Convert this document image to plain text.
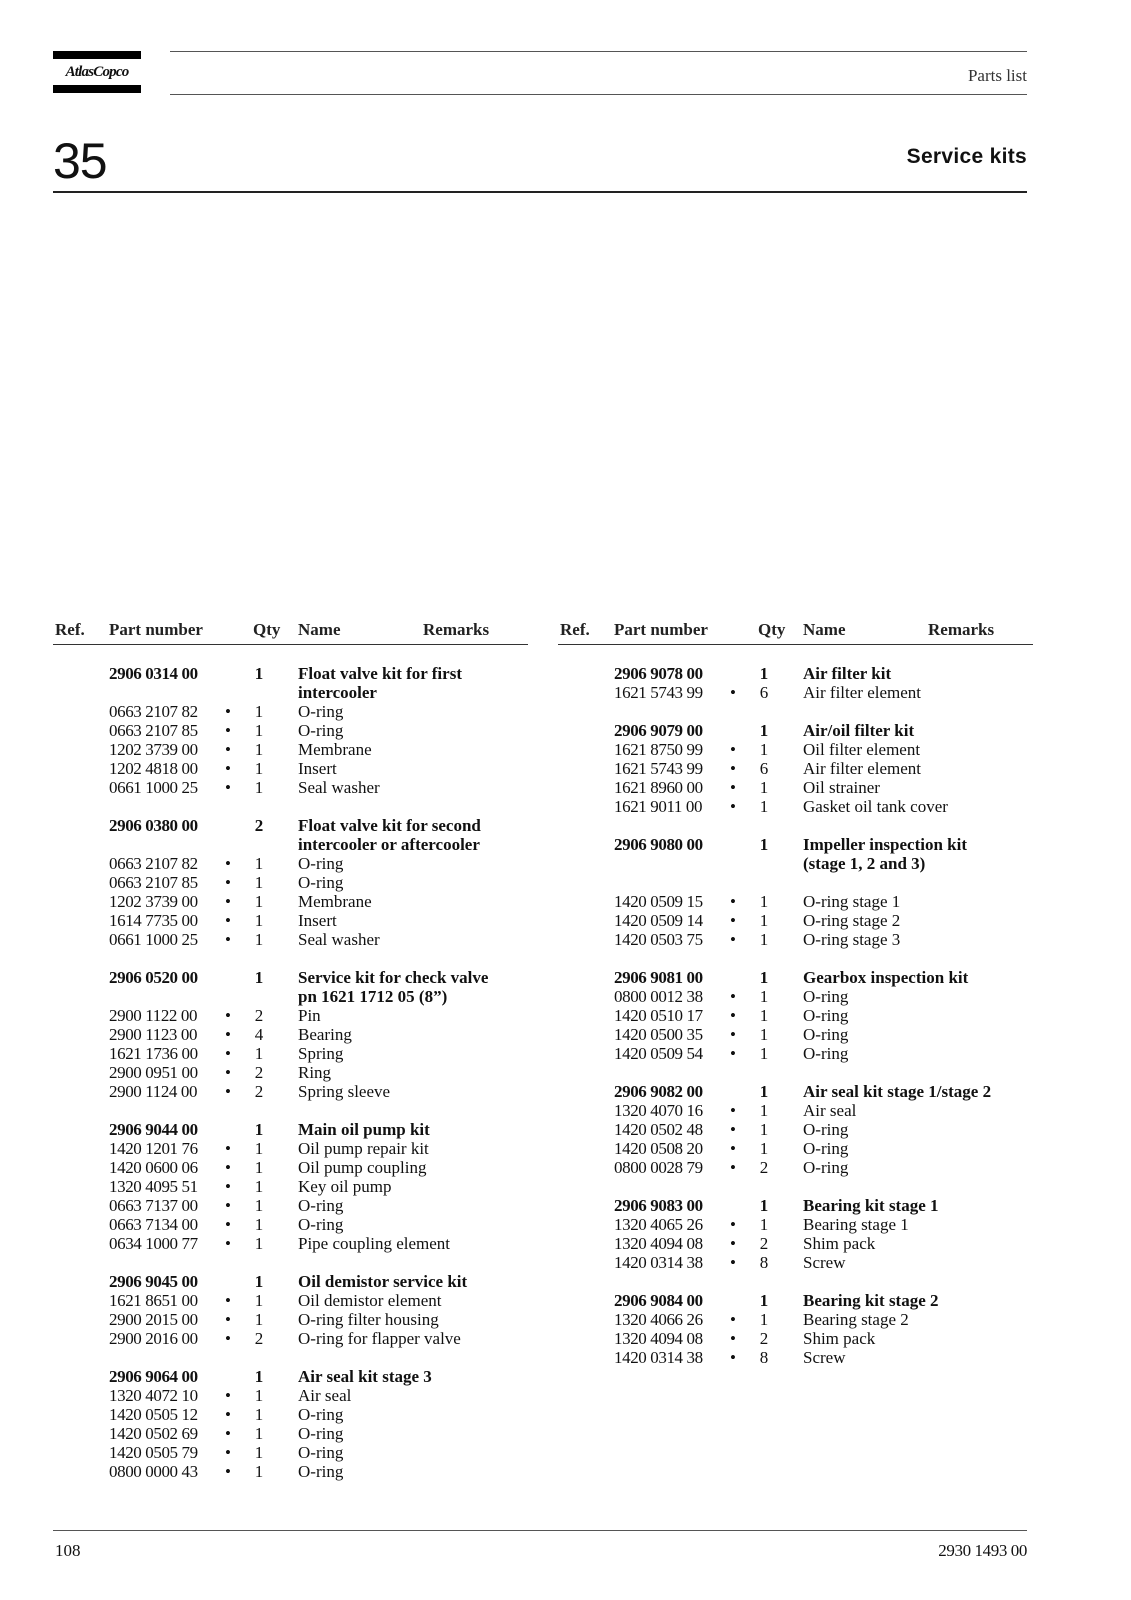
AtlasCopco	Parts list
35	Service kits
Ref. Part number	Qty Name	Remarks
2906 0314 00	1 Float valve kit for first
intercooler
0663 2107 82 • 1 O-ring
0663 2107 85 • 1 O-ring
1202 3739 00 • 1 Membrane
1202 4818 00 • 1 Insert
0661 1000 25 • 1 Seal washer
2906 0380 00	2 Float valve kit for second
intercooler or aftercooler
0663 2107 82 • 1 O-ring
0663 2107 85 • 1 O-ring
1202 3739 00 • 1 Membrane
1614 7735 00 • 1 Insert
0661 1000 25 • 1 Seal washer
2906 0520 00	1 Service kit for check valve
pn 1621 1712 05 (8”)
2900 1122 00 • 2 Pin
2900 1123 00 • 4 Bearing
1621 1736 00 • 1 Spring
2900 0951 00 • 2 Ring
2900 1124 00 • 2 Spring sleeve
2906 9044 00	1 Main oil pump kit
1420 1201 76 • 1 Oil pump repair kit
1420 0600 06 • 1 Oil pump coupling
1320 4095 51 • 1 Key oil pump
0663 7137 00 • 1 O-ring
0663 7134 00 • 1 O-ring
0634 1000 77 • 1 Pipe coupling element
2906 9045 00	1 Oil demistor service kit
1621 8651 00 • 1 Oil demistor element
2900 2015 00 • 1 O-ring filter housing
2900 2016 00 • 2 O-ring for flapper valve
2906 9064 00	1 Air seal kit stage 3
1320 4072 10 • 1 Air seal
1420 0505 12 • 1 O-ring
1420 0502 69 • 1 O-ring
1420 0505 79 • 1 O-ring
0800 0000 43 • 1 O-ring
Ref. Part number	Qty Name	Remarks
2906 9078 00	1 Air filter kit
1621 5743 99 • 6 Air filter element
2906 9079 00	1 Air/oil filter kit
1621 8750 99 • 1 Oil filter element
1621 5743 99 • 6 Air filter element
1621 8960 00 • 1 Oil strainer
1621 9011 00 • 1 Gasket oil tank cover
2906 9080 00	1 Impeller inspection kit
(stage 1, 2 and 3)
1420 0509 15 • 1 O-ring stage 1
1420 0509 14 • 1 O-ring stage 2
1420 0503 75 • 1 O-ring stage 3
2906 9081 00	1 Gearbox inspection kit
0800 0012 38 • 1 O-ring
1420 0510 17 • 1 O-ring
1420 0500 35 • 1 O-ring
1420 0509 54 • 1 O-ring
2906 9082 00	1 Air seal kit stage 1/stage 2
1320 4070 16 • 1 Air seal
1420 0502 48 • 1 O-ring
1420 0508 20 • 1 O-ring
0800 0028 79 • 2 O-ring
2906 9083 00	1 Bearing kit stage 1
1320 4065 26 • 1 Bearing stage 1
1320 4094 08 • 2 Shim pack
1420 0314 38 • 8 Screw
2906 9084 00	1 Bearing kit stage 2
1320 4066 26 • 1 Bearing stage 2
1320 4094 08 • 2 Shim pack
1420 0314 38 • 8 Screw
108	2930 1493 00
